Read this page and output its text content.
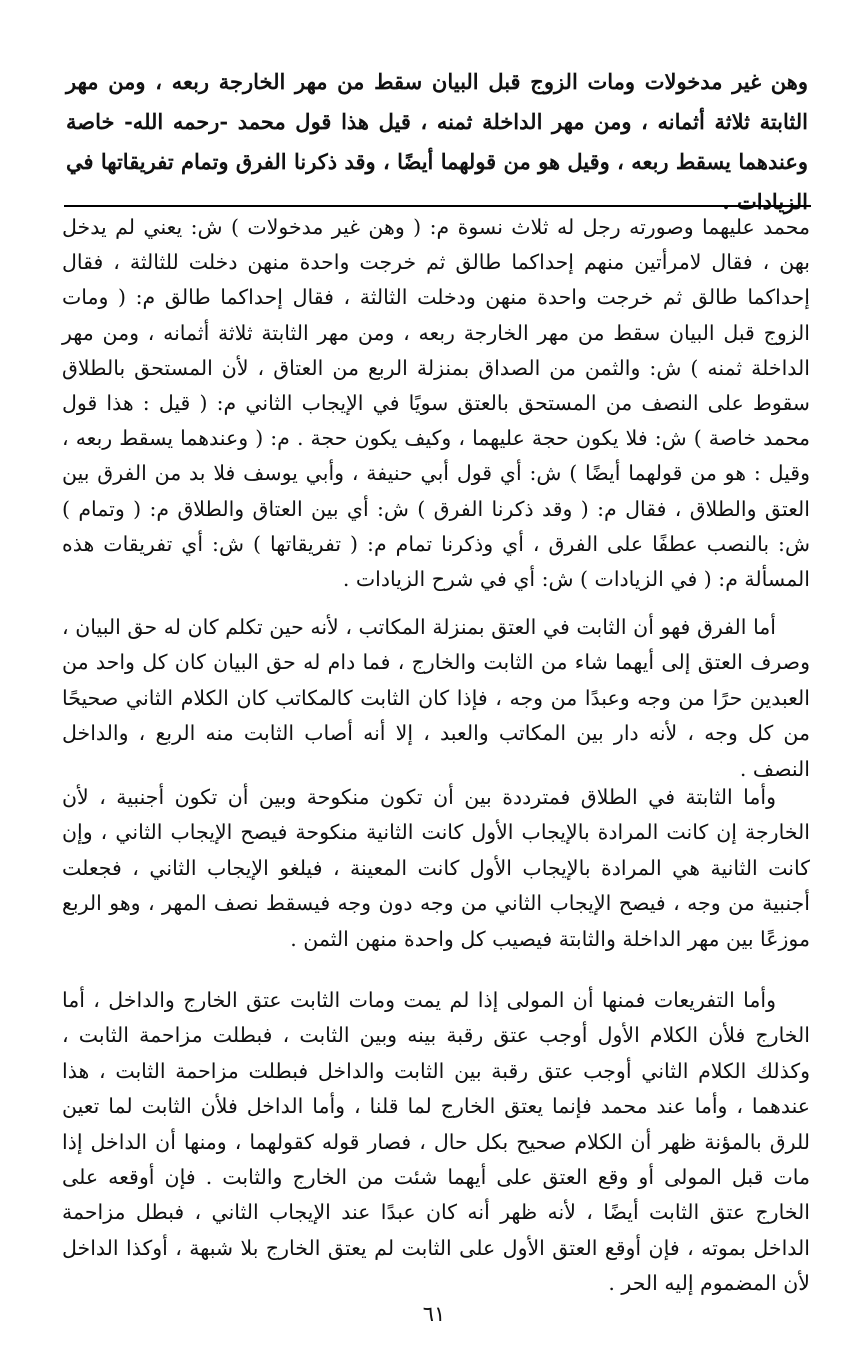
وهن غير مدخولات ومات الزوج قبل البيان سقط من مهر الخارجة ربعه ، ومن مهر الثابتة ثلاثة أثمانه ، ومن مهر الداخلة ثمنه ، قيل هذا قول محمد -رحمه الله- خاصة وعندهما يسقط ربعه ، وقيل هو من قولهما أيضًا ، وقد ذكرنا الفرق وتمام تفريقاتها في الزيادات .

محمد عليهما وصورته رجل له ثلاث نسوة م: ( وهن غير مدخولات ) ش: يعني لم يدخل بهن ، فقال لامرأتين منهم إحداكما طالق ثم خرجت واحدة منهن دخلت للثالثة ، فقال إحداكما طالق ثم خرجت واحدة منهن ودخلت الثالثة ، فقال إحداكما طالق م: ( ومات الزوج قبل البيان سقط من مهر الخارجة ربعه ، ومن مهر الثابتة ثلاثة أثمانه ، ومن مهر الداخلة ثمنه ) ش: والثمن من الصداق بمنزلة الربع من العتاق ، لأن المستحق بالطلاق سقوط على النصف من المستحق بالعتق سويًا في الإيجاب الثاني م: ( قيل : هذا قول محمد خاصة ) ش: فلا يكون حجة عليهما ، وكيف يكون حجة . م: ( وعندهما يسقط ربعه ، وقيل : هو من قولهما أيضًا ) ش: أي قول أبي حنيفة ، وأبي يوسف فلا بد من الفرق بين العتق والطلاق ، فقال م: ( وقد ذكرنا الفرق ) ش: أي بين العتاق والطلاق م: ( وتمام ) ش: بالنصب عطفًا على الفرق ، أي وذكرنا تمام م: ( تفريقاتها ) ش: أي تفريقات هذه المسألة م: ( في الزيادات ) ش: أي في شرح الزيادات .

أما الفرق فهو أن الثابت في العتق بمنزلة المكاتب ، لأنه حين تكلم كان له حق البيان ، وصرف العتق إلى أيهما شاء من الثابت والخارج ، فما دام له حق البيان كان كل واحد من العبدين حرًا من وجه وعبدًا من وجه ، فإذا كان الثابت كالمكاتب كان الكلام الثاني صحيحًا من كل وجه ، لأنه دار بين المكاتب والعبد ، إلا أنه أصاب الثابت منه الربع ، والداخل النصف .

وأما الثابتة في الطلاق فمترددة بين أن تكون منكوحة وبين أن تكون أجنبية ، لأن الخارجة إن كانت المرادة بالإيجاب الأول كانت الثانية منكوحة فيصح الإيجاب الثاني ، وإن كانت الثانية هي المرادة بالإيجاب الأول كانت المعينة ، فيلغو الإيجاب الثاني ، فجعلت أجنبية من وجه ، فيصح الإيجاب الثاني من وجه دون وجه فيسقط نصف المهر ، وهو الربع موزعًا بين مهر الداخلة والثابتة فيصيب كل واحدة منهن الثمن .

وأما التفريعات فمنها أن المولى إذا لم يمت ومات الثابت عتق الخارج والداخل ، أما الخارج فلأن الكلام الأول أوجب عتق رقبة بينه وبين الثابت ، فبطلت مزاحمة الثابت ، وكذلك الكلام الثاني أوجب عتق رقبة بين الثابت والداخل فبطلت مزاحمة الثابت ، هذا عندهما ، وأما عند محمد فإنما يعتق الخارج لما قلنا ، وأما الداخل فلأن الثابت لما تعين للرق بالمؤنة ظهر أن الكلام صحيح بكل حال ، فصار قوله كقولهما ، ومنها أن الداخل إذا مات قبل المولى أو وقع العتق على أيهما شئت من الخارج والثابت . فإن أوقعه على الخارج عتق الثابت أيضًا ، لأنه ظهر أنه كان عبدًا عند الإيجاب الثاني ، فبطل مزاحمة الداخل بموته ، فإن أوقع العتق الأول على الثابت لم يعتق الخارج بلا شبهة ، أوكذا الداخل لأن المضموم إليه الحر .

٦١
